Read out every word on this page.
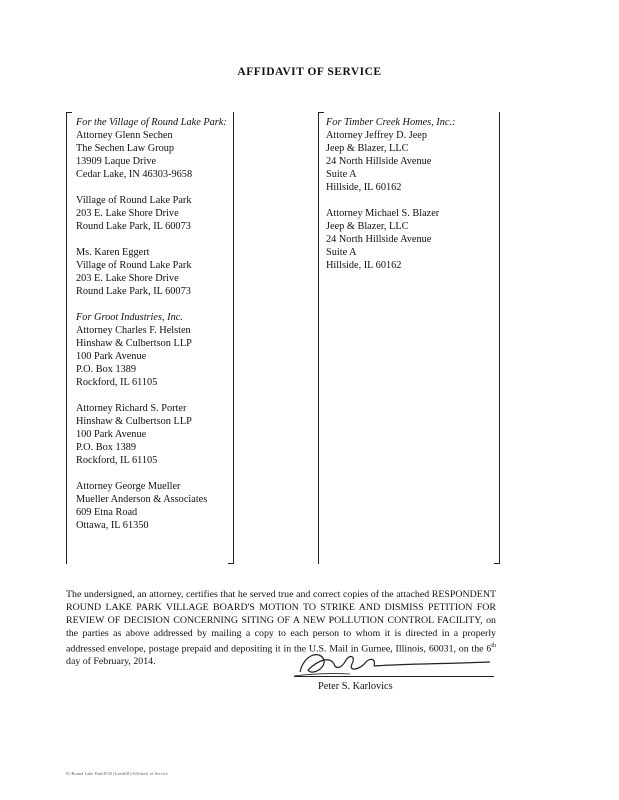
AFFIDAVIT OF SERVICE
For the Village of Round Lake Park:
Attorney Glenn Sechen
The Sechen Law Group
13909 Laque Drive
Cedar Lake, IN 46303-9658
Village of Round Lake Park
203 E. Lake Shore Drive
Round Lake Park, IL 60073
Ms. Karen Eggert
Village of Round Lake Park
203 E. Lake Shore Drive
Round Lake Park, IL 60073
For Groot Industries, Inc.
Attorney Charles F. Helsten
Hinshaw & Culbertson LLP
100 Park Avenue
P.O. Box 1389
Rockford, IL 61105
Attorney Richard S. Porter
Hinshaw & Culbertson LLP
100 Park Avenue
P.O. Box 1389
Rockford, IL 61105
Attorney George Mueller
Mueller Anderson & Associates
609 Etna Road
Ottawa, IL 61350
For Timber Creek Homes, Inc.:
Attorney Jeffrey D. Jeep
Jeep & Blazer, LLC
24 North Hillside Avenue
Suite A
Hillside, IL 60162
Attorney Michael S. Blazer
Jeep & Blazer, LLC
24 North Hillside Avenue
Suite A
Hillside, IL 60162
The undersigned, an attorney, certifies that he served true and correct copies of the attached RESPONDENT ROUND LAKE PARK VILLAGE BOARD'S MOTION TO STRIKE AND DISMISS PETITION FOR REVIEW OF DECISION CONCERNING SITING OF A NEW POLLUTION CONTROL FACILITY, on the parties as above addressed by mailing a copy to each person to whom it is directed in a properly addressed envelope, postage prepaid and depositing it in the U.S. Mail in Gurnee, Illinois, 60031, on the 6th day of February, 2014.
Peter S. Karlovics
N:\Round Lake Park\PCB (Landfill)\Affidavit of Service
